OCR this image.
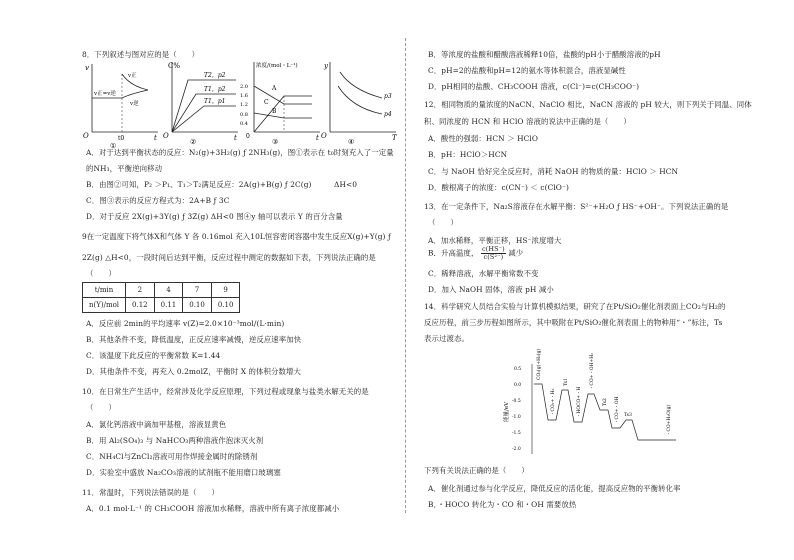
8．下列叙述与图对应的是（　　）
v
O	t
v正
v逆
v正=v逆
t0
①
C%
O	t
T2，p2
T1，p2
T1，p1
②
浓度/(mol・L⁻¹)
2.0
1.6
1.2
0.8
0.4
0	t
A
B
C
③
y
O	T
p3
p4
④
A．对于达到平衡状态的反应：N₂(g)+3H₂(g) ƒ 2NH₃(g)，图①表示在 t₀时刻充入了一定量
的NH₃，平衡逆向移动
B．由图②可知，P₂ ＞P₁、T₁＞T₂满足反应：2A(g)+B(g) ƒ 2C(g)　　　ΔH<0
C．图③表示的反应方程式为：2A+B ƒ 3C
D．对于反应 2X(g)+3Y(g) ƒ 3Z(g) ΔH<0 图④y 轴可以表示 Y 的百分含量
9在一定温度下将气体X和气体 Y 各 0.16mol 充入10L恒容密闭容器中发生反应X(g)+Y(g) ƒ
2Z(g) △H<0，一段时间后达到平衡，反应过程中测定的数据如下表，下列说法正确的是
（　　）
t/min	2	4	7	9
n(Y)/mol	0.12	0.11	0.10	0.10
A．反应前 2min的平均速率 v(Z)=2.0×10⁻³mol/(L·min)
B．其他条件不变，降低温度，正反应速率减慢，逆反应速率加快
C．该温度下此反应的平衡常数 K=1.44
D．其他条件不变，再充入 0.2molZ，平衡时 X 的体积分数增大
10．在日常生产生活中，经常涉及化学反应原理，下列过程或现象与盐类水解无关的是
（　　）
A．氯化钙溶液中滴加甲基橙，溶液显黄色
B．用 Al₂(SO₄)₃ 与 NaHCO₃两种溶液作泡沫灭火剂
C．NH₄Cl与ZnCl₂溶液可用作焊接金属时的除锈剂
D．实验室中盛放 Na₂CO₃溶液的试剂瓶不能用磨口玻璃塞
11．常温时，下列说法错误的是（　　）
A．0.1 mol·L⁻¹ 的 CH₃COOH 溶液加水稀释，溶液中所有离子浓度都减小
B．等浓度的盐酸和醋酸溶液稀释10倍，盐酸的pH小于醋酸溶液的pH
C．pH=2的盐酸和pH=12的氨水等体积混合，溶液显碱性
D．pH相同的盐酸、CH₃COOH 溶液，c(Cl⁻)=c(CH₃COO⁻)
12．相同物质的量浓度的NaCN、NaClO 相比，NaCN 溶液的 pH 较大，则下列关于同温、同体
积、同浓度的 HCN 和 HClO 溶液的说法中正确的是（　　）
A．酸性的强弱：HCN ＞ HClO
B．pH：HClO＞HCN
C．与 NaOH 恰好完全反应时，消耗 NaOH 的物质的量：HClO ＞ HCN
D．酸根离子的浓度：c(CN⁻) ＜ c(ClO⁻)
13．在一定条件下，Na₂S溶液存在水解平衡：S²⁻+H₂O ƒ HS⁻+OH⁻。下列说法正确的是
（　　）
A．加水稀释，平衡正移，HS⁻浓度增大
B．升高温度， $\frac{c(HS^-)}{\text{c(S²⁻)}}$ 减少
C．稀释溶液，水解平衡常数不变
D．加入 NaOH 固体，溶液 pH 减小
14．科学研究人员结合实验与计算机模拟结果，研究了在Pt/SiO₂催化剂表面上CO₂与H₂的
反应历程，前三步历程如图所示，其中吸附在Pt/SiO₂催化剂表面上的物种用“・”标注，Ts
表示过渡态。
能量/eV
0.5
0.0
-0.5
-1.0
-1.5
-2.0
CO₂(g)+H₂(g)
・CO₂+・H₂
Ts1
・HOCO+・H
・CO+・OH+H₂
Ts2 ・CO+・OH Ts3	・CO+H₂O(g)
下列有关说法正确的是（　　）
A．催化剂通过参与化学反应，降低反应的活化能，提高反应物的平衡转化率
B．・HOCO 转化为・CO 和・OH 需要放热
